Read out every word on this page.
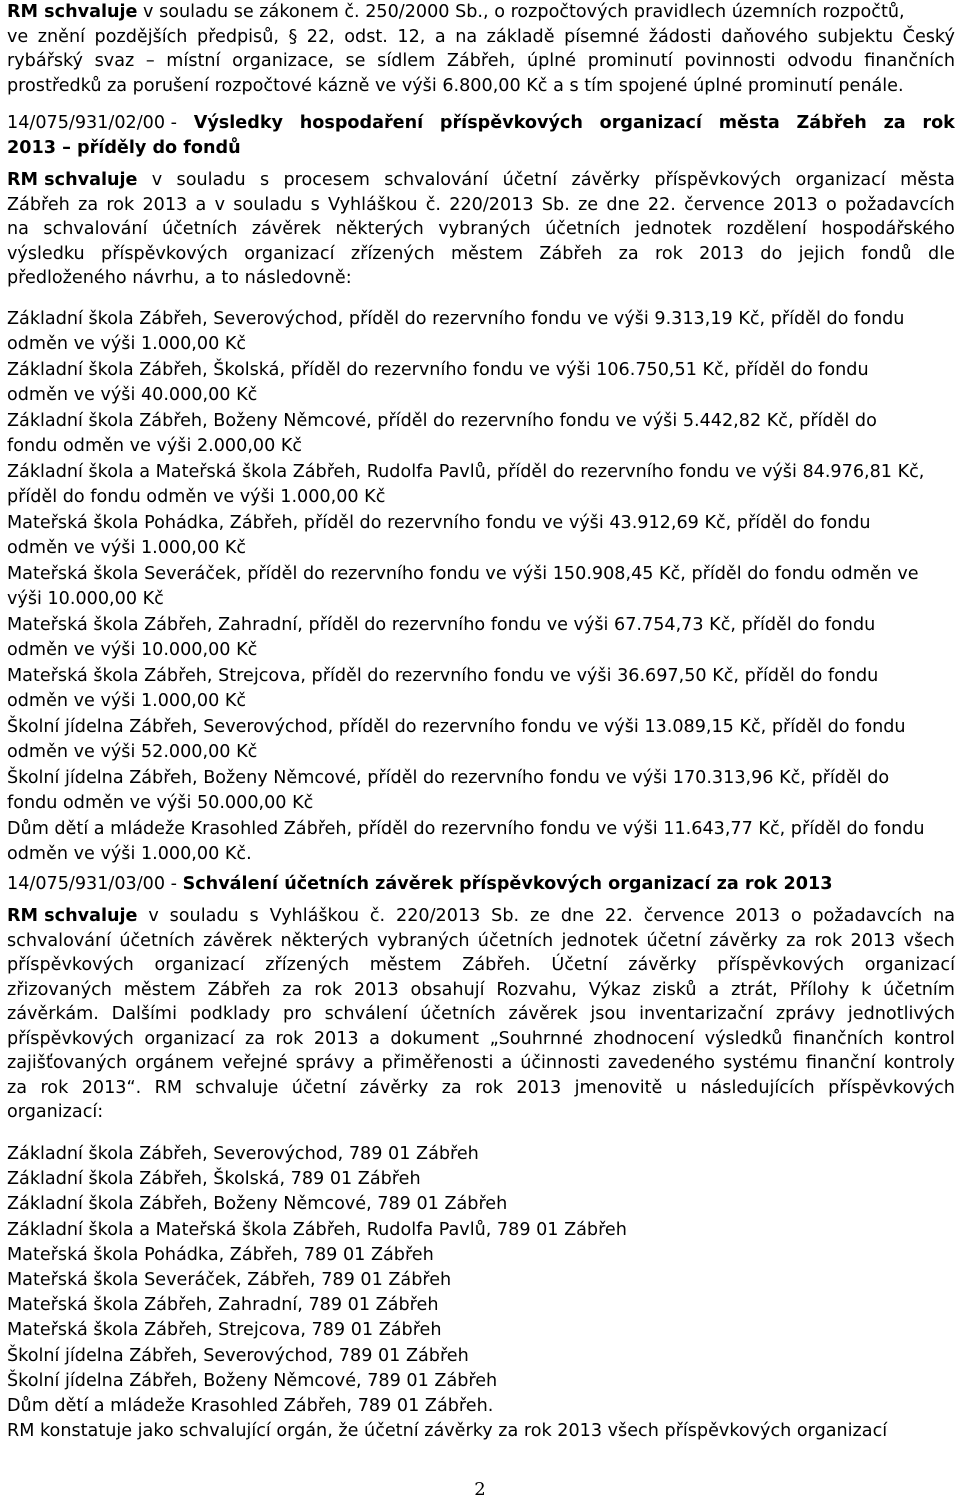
RM schvaluje v souladu se zákonem č. 250/2000 Sb., o rozpočtových pravidlech územních rozpočtů,
ve znění pozdějších předpisů, § 22, odst. 12, a na základě písemné žádosti daňového subjektu Český
rybářský svaz – místní organizace, se sídlem Zábřeh, úplné prominutí povinnosti odvodu finančních
prostředků za porušení rozpočtové kázně ve výši 6.800,00 Kč a s tím spojené úplné prominutí penále.
14/075/931/02/00 - Výsledky hospodaření příspěvkových organizací města Zábřeh za rok
2013 – příděly do fondů
RM schvaluje v souladu s procesem schvalování účetní závěrky příspěvkových organizací města
Zábřeh za rok 2013 a v souladu s Vyhláškou č. 220/2013 Sb. ze dne 22. července 2013 o požadavcích
na schvalování účetních závěrek některých vybraných účetních jednotek rozdělení hospodářského
výsledku příspěvkových organizací zřízených městem Zábřeh za rok 2013 do jejich fondů dle
předloženého návrhu, a to následovně:
Základní škola Zábřeh, Severovýchod, příděl do rezervního fondu ve výši 9.313,19 Kč, příděl do fondu
odměn ve výši 1.000,00 Kč
Základní škola Zábřeh, Školská, příděl do rezervního fondu ve výši 106.750,51 Kč, příděl do fondu
odměn ve výši 40.000,00 Kč
Základní škola Zábřeh, Boženy Němcové, příděl do rezervního fondu ve výši 5.442,82 Kč, příděl do
fondu odměn ve výši 2.000,00 Kč
Základní škola a Mateřská škola Zábřeh, Rudolfa Pavlů, příděl do rezervního fondu ve výši 84.976,81 Kč,
příděl do fondu odměn ve výši 1.000,00 Kč
Mateřská škola Pohádka, Zábřeh, příděl do rezervního fondu ve výši 43.912,69 Kč, příděl do fondu
odměn ve výši 1.000,00 Kč
Mateřská škola Severáček, příděl do rezervního fondu ve výši 150.908,45 Kč, příděl do fondu odměn ve
výši 10.000,00 Kč
Mateřská škola Zábřeh, Zahradní, příděl do rezervního fondu ve výši 67.754,73 Kč, příděl do fondu
odměn ve výši 10.000,00 Kč
Mateřská škola Zábřeh, Strejcova, příděl do rezervního fondu ve výši 36.697,50 Kč, příděl do fondu
odměn ve výši 1.000,00 Kč
Školní jídelna Zábřeh, Severovýchod, příděl do rezervního fondu ve výši 13.089,15 Kč, příděl do fondu
odměn ve výši 52.000,00 Kč
Školní jídelna Zábřeh, Boženy Němcové, příděl do rezervního fondu ve výši 170.313,96 Kč, příděl do
fondu odměn ve výši 50.000,00 Kč
Dům dětí a mládeže Krasohled Zábřeh, příděl do rezervního fondu ve výši 11.643,77 Kč, příděl do fondu
odměn ve výši 1.000,00 Kč.
14/075/931/03/00 - Schválení účetních závěrek příspěvkových organizací za rok 2013
RM schvaluje v souladu s Vyhláškou č. 220/2013 Sb. ze dne 22. července 2013 o požadavcích na
schvalování účetních závěrek některých vybraných účetních jednotek účetní závěrky za rok 2013 všech
příspěvkových organizací zřízených městem Zábřeh. Účetní závěrky příspěvkových organizací
zřizovaných městem Zábřeh za rok 2013 obsahují Rozvahu, Výkaz zisků a ztrát, Přílohy k účetním
závěrkám. Dalšími podklady pro schválení účetních závěrek jsou inventarizační zprávy jednotlivých
příspěvkových organizací za rok 2013 a dokument „Souhrnné zhodnocení výsledků finančních kontrol
zajišťovaných orgánem veřejné správy a přiměřenosti a účinnosti zavedeného systému finanční kontroly
za rok 2013“. RM schvaluje účetní závěrky za rok 2013 jmenovitě u následujících příspěvkových
organizací:
Základní škola Zábřeh, Severovýchod, 789 01 Zábřeh
Základní škola Zábřeh, Školská, 789 01 Zábřeh
Základní škola Zábřeh, Boženy Němcové, 789 01 Zábřeh
Základní škola a Mateřská škola Zábřeh, Rudolfa Pavlů, 789 01 Zábřeh
Mateřská škola Pohádka, Zábřeh, 789 01 Zábřeh
Mateřská škola Severáček, Zábřeh, 789 01 Zábřeh
Mateřská škola Zábřeh, Zahradní, 789 01 Zábřeh
Mateřská škola Zábřeh, Strejcova, 789 01 Zábřeh
Školní jídelna Zábřeh, Severovýchod, 789 01 Zábřeh
Školní jídelna Zábřeh, Boženy Němcové, 789 01 Zábřeh
Dům dětí a mládeže Krasohled Zábřeh, 789 01 Zábřeh.
RM konstatuje jako schvalující orgán, že účetní závěrky za rok 2013 všech příspěvkových organizací
2
